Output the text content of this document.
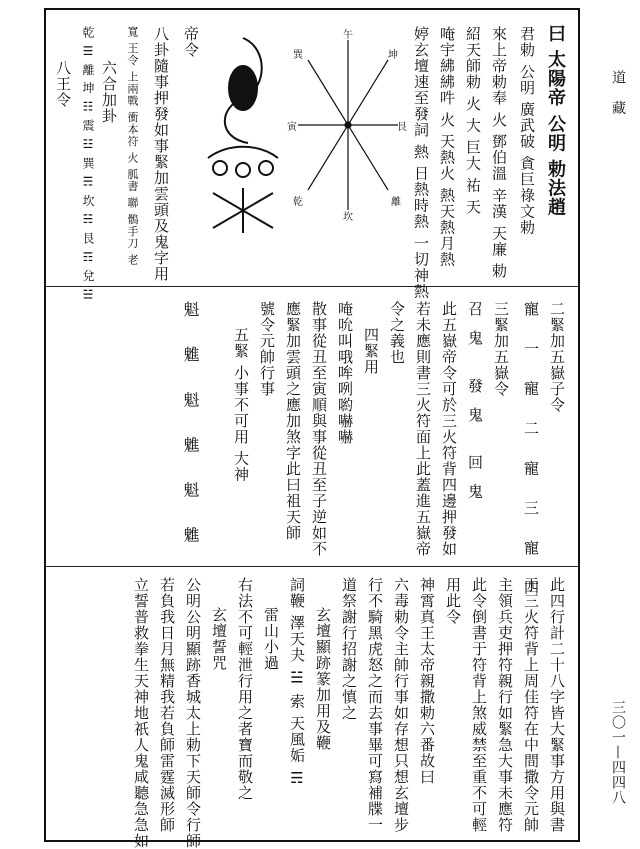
曰 太陽帝 公明 勅法趙
君勅 公明 廣武破 貪巨祿文勅
來上帝勅奉 火 鄧伯溫 辛漢 天廉 勅
紹天師勅 火 大 巨大 祐 天
唵宇紼紼吽 火 天熱火 熱天熱月熱
婷玄壇速至發詞 熱 日熱時熱 一切神熱
午
巽	坤
寅	艮
乾	離
坎
帝令
八卦隨事押發如事緊加雲頭及鬼字用
寬 王令 上兩戰 衝本符 火 胍書 聯 鶻手刀 老
六合加卦
乾 ☰ 離 坤 ☷ 震 ☳ 巽 ☴ 坎 ☵ 艮 ☶ 兌 ☱
八王令
二緊加五嶽子令
寵 一 寵 二 寵 三 寵 四
三緊加五嶽令
召鬼 發鬼 回鬼
此五嶽帝令可於三火符背四邊押發如
若未應則書三火符面上此蓋進五嶽帝
令之義也
四緊用
唵吮叫哦哞咧喲嚇嚇
散事從丑至寅順與事從丑至子逆如不
應緊加雲頭之應加煞字此曰祖天師
號令元帥行事
五緊 小事不可用 大神
魁 魋 魁 魋 魁 魋
此四行計二十八字皆大緊事方用與書
于三火符背上周佳符在中間撒令元帥
主領兵吏押符親行如緊急大事未應符
此令倒書于符背上煞威禁至重不可輕
用此令
神霄真王太帝親撒勅六番故曰
六毒勅令主帥行事如存想只想玄壇步
行不騎黑虎怒之而去事畢可寫補牒一
道祭謝行招謝之慎之
玄壇顯跡篆加用及鞭
詞鞭 澤天夬 ☱ 索 天風姤 ☴
雷山小過
右法不可輕泄行用之者寶而敬之
玄壇誓咒
公明公明顯跡香城太上勅下天師令行師
若負我日月無精我若負師雷霆滅形師
立誓普救拳生天神地祇人鬼咸聽急急如
道 藏
三〇一—四四八
